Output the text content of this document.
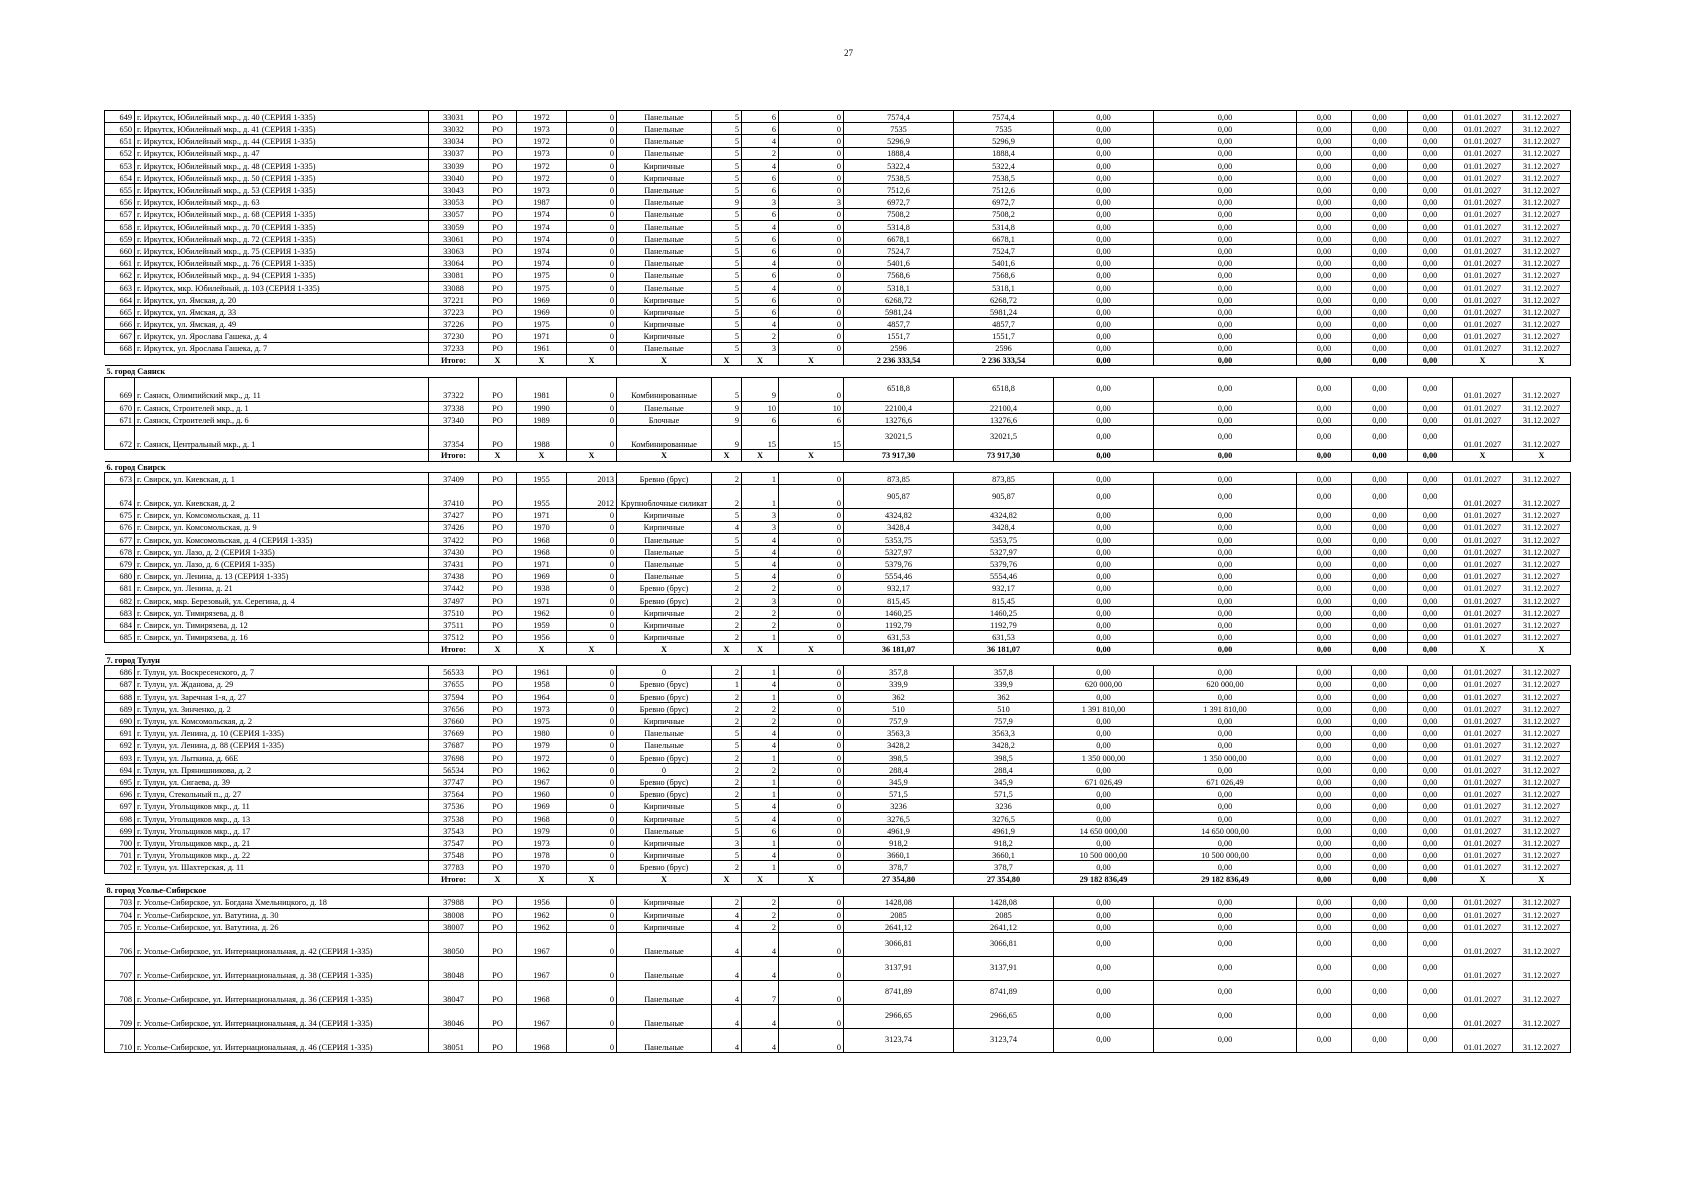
27
649	г. Иркутск, Юбилейный мкр., д. 40 (СЕРИЯ 1-335)	33031	РО	1972	0	Панельные	5	6	0	7574,4	7574,4	0,00	0,00	0,00	0,00	0,00	01.01.2027	31.12.2027
650	г. Иркутск, Юбилейный мкр., д. 41 (СЕРИЯ 1-335)	33032	РО	1973	0	Панельные	5	6	0	7535	7535	0,00	0,00	0,00	0,00	0,00	01.01.2027	31.12.2027
651	г. Иркутск, Юбилейный мкр., д. 44 (СЕРИЯ 1-335)	33034	РО	1972	0	Панельные	5	4	0	5296,9	5296,9	0,00	0,00	0,00	0,00	0,00	01.01.2027	31.12.2027
652	г. Иркутск, Юбилейный мкр., д. 47	33037	РО	1973	0	Панельные	5	2	0	1888,4	1888,4	0,00	0,00	0,00	0,00	0,00	01.01.2027	31.12.2027
653	г. Иркутск, Юбилейный мкр., д. 48 (СЕРИЯ 1-335)	33039	РО	1972	0	Кирпичные	5	4	0	5322,4	5322,4	0,00	0,00	0,00	0,00	0,00	01.01.2027	31.12.2027
654	г. Иркутск, Юбилейный мкр., д. 50 (СЕРИЯ 1-335)	33040	РО	1972	0	Кирпичные	5	6	0	7538,5	7538,5	0,00	0,00	0,00	0,00	0,00	01.01.2027	31.12.2027
655	г. Иркутск, Юбилейный мкр., д. 53 (СЕРИЯ 1-335)	33043	РО	1973	0	Панельные	5	6	0	7512,6	7512,6	0,00	0,00	0,00	0,00	0,00	01.01.2027	31.12.2027
656	г. Иркутск, Юбилейный мкр., д. 63	33053	РО	1987	0	Панельные	9	3	3	6972,7	6972,7	0,00	0,00	0,00	0,00	0,00	01.01.2027	31.12.2027
657	г. Иркутск, Юбилейный мкр., д. 68 (СЕРИЯ 1-335)	33057	РО	1974	0	Панельные	5	6	0	7508,2	7508,2	0,00	0,00	0,00	0,00	0,00	01.01.2027	31.12.2027
658	г. Иркутск, Юбилейный мкр., д. 70 (СЕРИЯ 1-335)	33059	РО	1974	0	Панельные	5	4	0	5314,8	5314,8	0,00	0,00	0,00	0,00	0,00	01.01.2027	31.12.2027
659	г. Иркутск, Юбилейный мкр., д. 72 (СЕРИЯ 1-335)	33061	РО	1974	0	Панельные	5	6	0	6678,1	6678,1	0,00	0,00	0,00	0,00	0,00	01.01.2027	31.12.2027
660	г. Иркутск, Юбилейный мкр., д. 75 (СЕРИЯ 1-335)	33063	РО	1974	0	Панельные	5	6	0	7524,7	7524,7	0,00	0,00	0,00	0,00	0,00	01.01.2027	31.12.2027
661	г. Иркутск, Юбилейный мкр., д. 76 (СЕРИЯ 1-335)	33064	РО	1974	0	Панельные	5	4	0	5401,6	5401,6	0,00	0,00	0,00	0,00	0,00	01.01.2027	31.12.2027
662	г. Иркутск, Юбилейный мкр., д. 94 (СЕРИЯ 1-335)	33081	РО	1975	0	Панельные	5	6	0	7568,6	7568,6	0,00	0,00	0,00	0,00	0,00	01.01.2027	31.12.2027
663	г. Иркутск, мкр. Юбилейный, д. 103 (СЕРИЯ 1-335)	33088	РО	1975	0	Панельные	5	4	0	5318,1	5318,1	0,00	0,00	0,00	0,00	0,00	01.01.2027	31.12.2027
664	г. Иркутск, ул. Ямская, д. 20	37221	РО	1969	0	Кирпичные	5	6	0	6268,72	6268,72	0,00	0,00	0,00	0,00	0,00	01.01.2027	31.12.2027
665	г. Иркутск, ул. Ямская, д. 33	37223	РО	1969	0	Кирпичные	5	6	0	5981,24	5981,24	0,00	0,00	0,00	0,00	0,00	01.01.2027	31.12.2027
666	г. Иркутск, ул. Ямская, д. 49	37226	РО	1975	0	Кирпичные	5	4	0	4857,7	4857,7	0,00	0,00	0,00	0,00	0,00	01.01.2027	31.12.2027
667	г. Иркутск, ул. Ярослава Гашека, д. 4	37230	РО	1971	0	Кирпичные	5	2	0	1551,7	1551,7	0,00	0,00	0,00	0,00	0,00	01.01.2027	31.12.2027
668	г. Иркутск, ул. Ярослава Гашека, д. 7	37233	РО	1961	0	Панельные	5	3	0	2596	2596	0,00	0,00	0,00	0,00	0,00	01.01.2027	31.12.2027
		Итого:	Х	Х	Х	Х	Х	Х	Х	2 236 333,54	2 236 333,54	0,00	0,00	0,00	0,00	0,00	Х	Х
5. город Саянск																		
669	г. Саянск, Олимпийский мкр., д. 11	37322	РО	1981	0	Комбинированные	5	9	0	6518,8	6518,8	0,00	0,00	0,00	0,00	0,00	01.01.2027	31.12.2027
670	г. Саянск, Строителей мкр., д. 1	37338	РО	1990	0	Панельные	9	10	10	22100,4	22100,4	0,00	0,00	0,00	0,00	0,00	01.01.2027	31.12.2027
671	г. Саянск, Строителей мкр., д. 6	37340	РО	1989	0	Блочные	9	6	6	13276,6	13276,6	0,00	0,00	0,00	0,00	0,00	01.01.2027	31.12.2027
672	г. Саянск, Центральный мкр., д. 1	37354	РО	1988	0	Комбинированные	9	15	15	32021,5	32021,5	0,00	0,00	0,00	0,00	0,00	01.01.2027	31.12.2027
		Итого:	Х	Х	Х	Х	Х	Х	Х	73 917,30	73 917,30	0,00	0,00	0,00	0,00	0,00	Х	Х
6. город Свирск																		
673	г. Свирск, ул. Киевская, д. 1	37409	РО	1955	2013	Бревно (брус)	2	1	0	873,85	873,85	0,00	0,00	0,00	0,00	0,00	01.01.2027	31.12.2027
674	г. Свирск, ул. Киевская, д. 2	37410	РО	1955	2012	Крупноблочные силикат	2	1	0	905,87	905,87	0,00	0,00	0,00	0,00	0,00	01.01.2027	31.12.2027
675	г. Свирск, ул. Комсомольская, д. 11	37427	РО	1971	0	Кирпичные	5	3	0	4324,82	4324,82	0,00	0,00	0,00	0,00	0,00	01.01.2027	31.12.2027
676	г. Свирск, ул. Комсомольская, д. 9	37426	РО	1970	0	Кирпичные	4	3	0	3428,4	3428,4	0,00	0,00	0,00	0,00	0,00	01.01.2027	31.12.2027
677	г. Свирск, ул. Комсомольская, д. 4 (СЕРИЯ 1-335)	37422	РО	1968	0	Панельные	5	4	0	5353,75	5353,75	0,00	0,00	0,00	0,00	0,00	01.01.2027	31.12.2027
678	г. Свирск, ул. Лазо, д. 2 (СЕРИЯ 1-335)	37430	РО	1968	0	Панельные	5	4	0	5327,97	5327,97	0,00	0,00	0,00	0,00	0,00	01.01.2027	31.12.2027
679	г. Свирск, ул. Лазо, д. 6 (СЕРИЯ 1-335)	37431	РО	1971	0	Панельные	5	4	0	5379,76	5379,76	0,00	0,00	0,00	0,00	0,00	01.01.2027	31.12.2027
680	г. Свирск, ул. Ленина, д. 13 (СЕРИЯ 1-335)	37438	РО	1969	0	Панельные	5	4	0	5554,46	5554,46	0,00	0,00	0,00	0,00	0,00	01.01.2027	31.12.2027
681	г. Свирск, ул. Ленина, д. 21	37442	РО	1938	0	Бревно (брус)	2	2	0	932,17	932,17	0,00	0,00	0,00	0,00	0,00	01.01.2027	31.12.2027
682	г. Свирск, мкр. Березовый, ул. Серегина, д. 4	37497	РО	1971	0	Бревно (брус)	2	3	0	815,45	815,45	0,00	0,00	0,00	0,00	0,00	01.01.2027	31.12.2027
683	г. Свирск, ул. Тимирязева, д. 8	37510	РО	1962	0	Кирпичные	2	2	0	1460,25	1460,25	0,00	0,00	0,00	0,00	0,00	01.01.2027	31.12.2027
684	г. Свирск, ул. Тимирязева, д. 12	37511	РО	1959	0	Кирпичные	2	2	0	1192,79	1192,79	0,00	0,00	0,00	0,00	0,00	01.01.2027	31.12.2027
685	г. Свирск, ул. Тимирязева, д. 16	37512	РО	1956	0	Кирпичные	2	1	0	631,53	631,53	0,00	0,00	0,00	0,00	0,00	01.01.2027	31.12.2027
		Итого:	Х	Х	Х	Х	Х	Х	Х	36 181,07	36 181,07	0,00	0,00	0,00	0,00	0,00	Х	Х
7. город Тулун																		
686	г. Тулун, ул. Воскресенского, д. 7	56533	РО	1961	0	0	2	1	0	357,8	357,8	0,00	0,00	0,00	0,00	0,00	01.01.2027	31.12.2027
687	г. Тулун, ул. Жданова, д. 29	37655	РО	1958	0	Бревно (брус)	1	4	0	339,9	339,9	620 000,00	620 000,00	0,00	0,00	0,00	01.01.2027	31.12.2027
688	г. Тулун, ул. Заречная 1-я, д. 27	37594	РО	1964	0	Бревно (брус)	2	1	0	362	362	0,00	0,00	0,00	0,00	0,00	01.01.2027	31.12.2027
689	г. Тулун, ул. Зинченко, д. 2	37656	РО	1973	0	Бревно (брус)	2	2	0	510	510	1 391 810,00	1 391 810,00	0,00	0,00	0,00	01.01.2027	31.12.2027
690	г. Тулун, ул. Комсомольская, д. 2	37660	РО	1975	0	Кирпичные	2	2	0	757,9	757,9	0,00	0,00	0,00	0,00	0,00	01.01.2027	31.12.2027
691	г. Тулун, ул. Ленина, д. 10 (СЕРИЯ 1-335)	37669	РО	1980	0	Панельные	5	4	0	3563,3	3563,3	0,00	0,00	0,00	0,00	0,00	01.01.2027	31.12.2027
692	г. Тулун, ул. Ленина, д. 88 (СЕРИЯ 1-335)	37687	РО	1979	0	Панельные	5	4	0	3428,2	3428,2	0,00	0,00	0,00	0,00	0,00	01.01.2027	31.12.2027
693	г. Тулун, ул. Лыткина, д. 66Е	37698	РО	1972	0	Бревно (брус)	2	1	0	398,5	398,5	1 350 000,00	1 350 000,00	0,00	0,00	0,00	01.01.2027	31.12.2027
694	г. Тулун, ул. Прянишникова, д. 2	56534	РО	1962	0	0	2	2	0	288,4	288,4	0,00	0,00	0,00	0,00	0,00	01.01.2027	31.12.2027
695	г. Тулун, ул. Сигаева, д. 39	37747	РО	1967	0	Бревно (брус)	2	1	0	345,9	345,9	671 026,49	671 026,49	0,00	0,00	0,00	01.01.2027	31.12.2027
696	г. Тулун, Стекольный п., д. 27	37564	РО	1960	0	Бревно (брус)	2	1	0	571,5	571,5	0,00	0,00	0,00	0,00	0,00	01.01.2027	31.12.2027
697	г. Тулун, Угольщиков мкр., д. 11	37536	РО	1969	0	Кирпичные	5	4	0	3236	3236	0,00	0,00	0,00	0,00	0,00	01.01.2027	31.12.2027
698	г. Тулун, Угольщиков мкр., д. 13	37538	РО	1968	0	Кирпичные	5	4	0	3276,5	3276,5	0,00	0,00	0,00	0,00	0,00	01.01.2027	31.12.2027
699	г. Тулун, Угольщиков мкр., д. 17	37543	РО	1979	0	Панельные	5	6	0	4961,9	4961,9	14 650 000,00	14 650 000,00	0,00	0,00	0,00	01.01.2027	31.12.2027
700	г. Тулун, Угольщиков мкр., д. 21	37547	РО	1973	0	Кирпичные	3	1	0	918,2	918,2	0,00	0,00	0,00	0,00	0,00	01.01.2027	31.12.2027
701	г. Тулун, Угольщиков мкр., д. 22	37548	РО	1978	0	Кирпичные	5	4	0	3660,1	3660,1	10 500 000,00	10 500 000,00	0,00	0,00	0,00	01.01.2027	31.12.2027
702	г. Тулун, ул. Шахтерская, д. 11	37783	РО	1970	0	Бревно (брус)	2	1	0	378,7	378,7	0,00	0,00	0,00	0,00	0,00	01.01.2027	31.12.2027
		Итого:	Х	Х	Х	Х	Х	Х	Х	27 354,80	27 354,80	29 182 836,49	29 182 836,49	0,00	0,00	0,00	Х	Х
8. город Усолье-Сибирское																		
703	г. Усолье-Сибирское, ул. Богдана Хмельницкого, д. 18	37988	РО	1956	0	Кирпичные	2	2	0	1428,08	1428,08	0,00	0,00	0,00	0,00	0,00	01.01.2027	31.12.2027
704	г. Усолье-Сибирское, ул. Ватутина, д. 30	38008	РО	1962	0	Кирпичные	4	2	0	2085	2085	0,00	0,00	0,00	0,00	0,00	01.01.2027	31.12.2027
705	г. Усолье-Сибирское, ул. Ватутина, д. 26	38007	РО	1962	0	Кирпичные	4	2	0	2641,12	2641,12	0,00	0,00	0,00	0,00	0,00	01.01.2027	31.12.2027
706	г. Усолье-Сибирское, ул. Интернациональная, д. 42 (СЕРИЯ 1-335)	38050	РО	1967	0	Панельные	4	4	0	3066,81	3066,81	0,00	0,00	0,00	0,00	0,00	01.01.2027	31.12.2027
707	г. Усолье-Сибирское, ул. Интернациональная, д. 38 (СЕРИЯ 1-335)	38048	РО	1967	0	Панельные	4	4	0	3137,91	3137,91	0,00	0,00	0,00	0,00	0,00	01.01.2027	31.12.2027
708	г. Усолье-Сибирское, ул. Интернациональная, д. 36 (СЕРИЯ 1-335)	38047	РО	1968	0	Панельные	4	7	0	8741,89	8741,89	0,00	0,00	0,00	0,00	0,00	01.01.2027	31.12.2027
709	г. Усолье-Сибирское, ул. Интернациональная, д. 34 (СЕРИЯ 1-335)	38046	РО	1967	0	Панельные	4	4	0	2966,65	2966,65	0,00	0,00	0,00	0,00	0,00	01.01.2027	31.12.2027
710	г. Усолье-Сибирское, ул. Интернациональная, д. 46 (СЕРИЯ 1-335)	38051	РО	1968	0	Панельные	4	4	0	3123,74	3123,74	0,00	0,00	0,00	0,00	0,00	01.01.2027	31.12.2027
